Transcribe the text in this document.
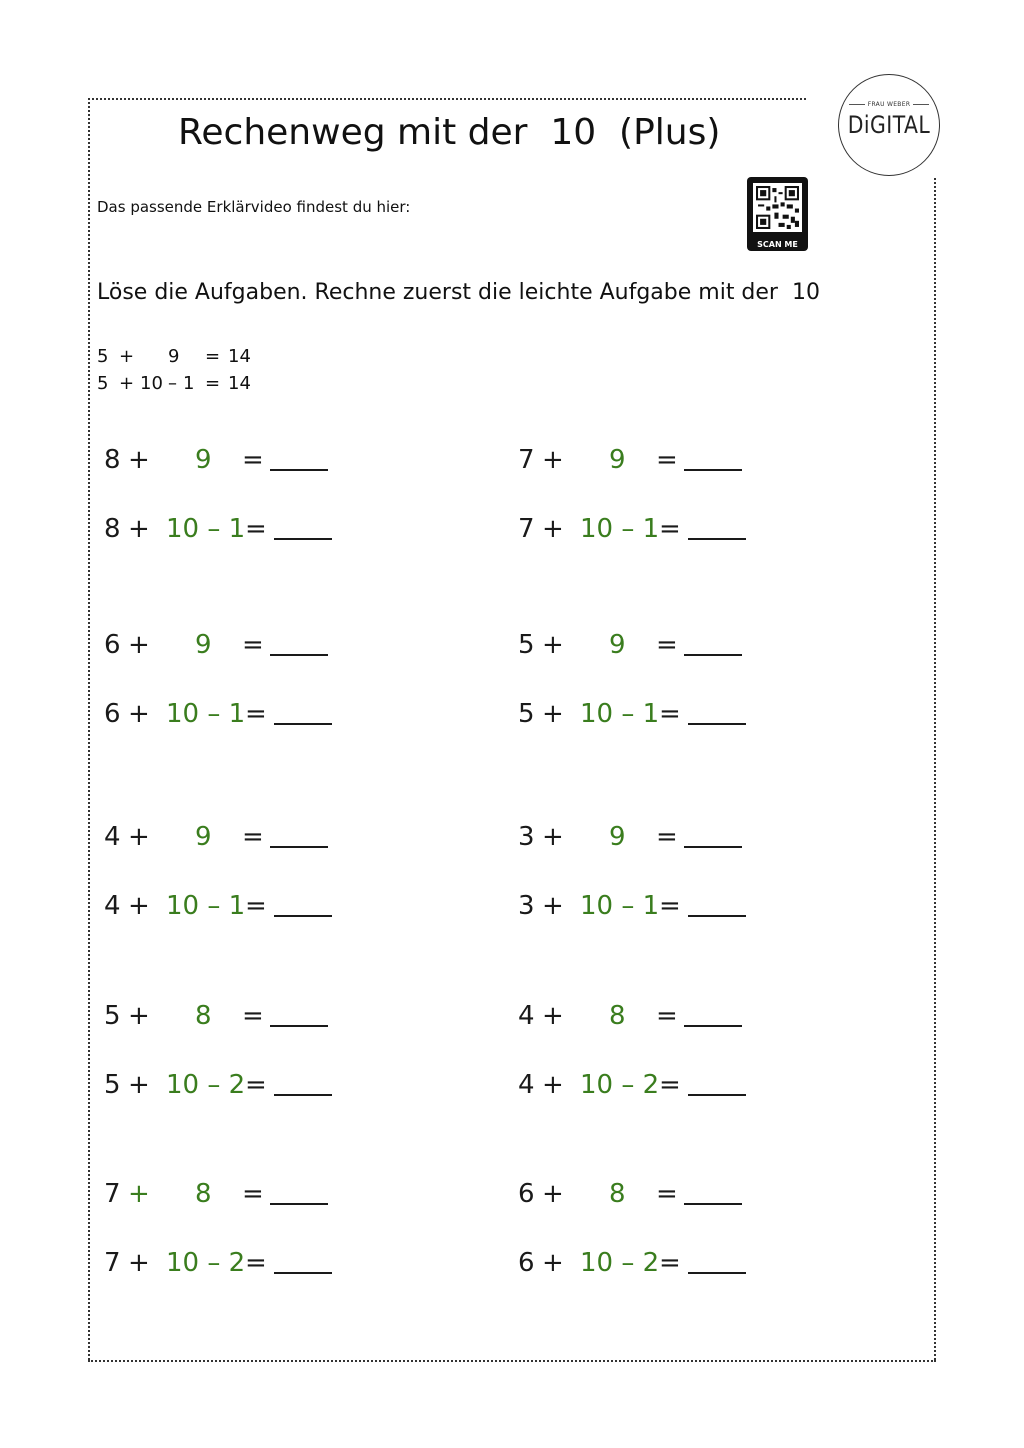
FRAU WEBER
DiGITAL
Rechenweg mit der  10  (Plus)
Das passende Erklärvideo findest du hier:
SCAN ME
Löse die Aufgaben. Rechne zuerst die leichte Aufgabe mit der  10

5

+

9

=

14

5

+

10

–

1

=

14

8 + 9 =
8 + 10 – 1 =
7 + 9 =
7 + 10 – 1 =
6 + 9 =
6 + 10 – 1 =
5 + 9 =
5 + 10 – 1 =
4 + 9 =
4 + 10 – 1 =
3 + 9 =
3 + 10 – 1 =
5 + 8 =
5 + 10 – 2 =
4 + 8 =
4 + 10 – 2 =
7 + 8 =
7 + 10 – 2 =
6 + 8 =
6 + 10 – 2 =
